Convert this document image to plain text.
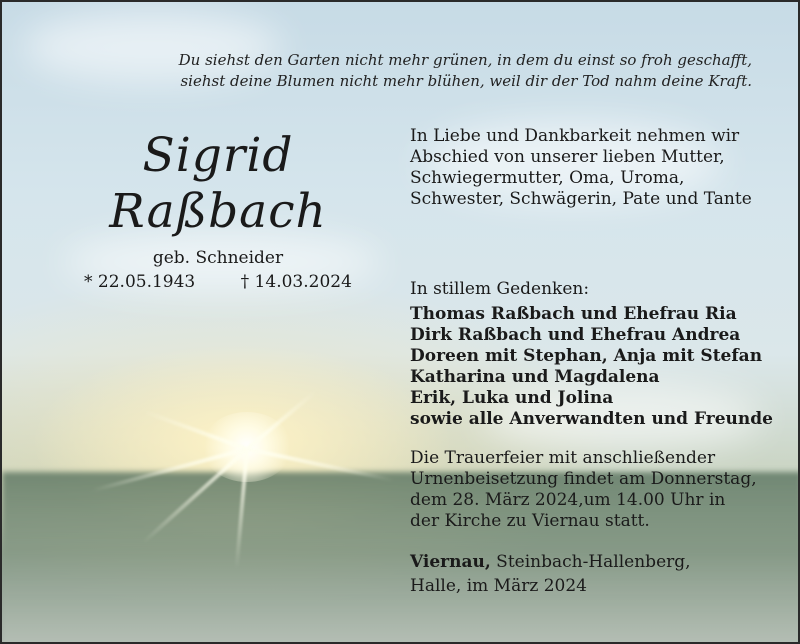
Du siehst den Garten nicht mehr grünen, in dem du einst so froh geschafft,
siehst deine Blumen nicht mehr blühen, weil dir der Tod nahm deine Kraft.
Sigrid
Raßbach
geb. Schneider
* 22.05.1943	† 14.03.2024
In Liebe und Dankbarkeit nehmen wir
Abschied von unserer lieben Mutter,
Schwiegermutter, Oma, Uroma,
Schwester, Schwägerin, Pate und Tante
In stillem Gedenken:
Thomas Raßbach und Ehefrau Ria
Dirk Raßbach und Ehefrau Andrea
Doreen mit Stephan, Anja mit Stefan
Katharina und Magdalena
Erik, Luka und Jolina
sowie alle Anverwandten und Freunde
Die Trauerfeier mit anschließender
Urnenbeisetzung findet am Donnerstag,
dem 28. März 2024,um 14.00 Uhr in
der Kirche zu Viernau statt.
Viernau, Steinbach-Hallenberg,
Halle, im März 2024
